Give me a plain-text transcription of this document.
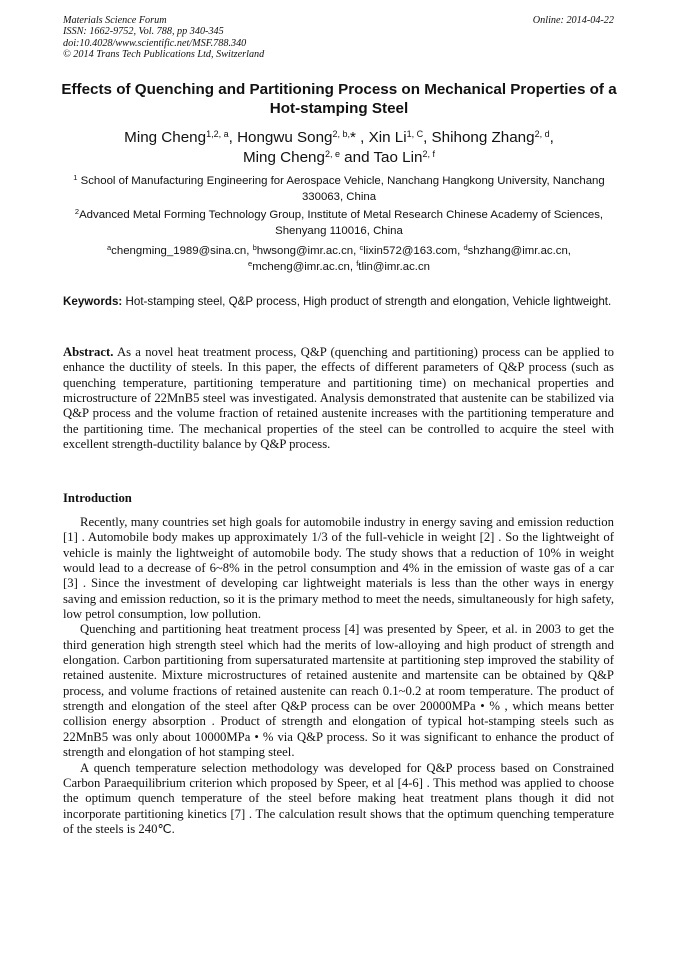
Materials Science Forum
ISSN: 1662-9752, Vol. 788, pp 340-345
doi:10.4028/www.scientific.net/MSF.788.340
© 2014 Trans Tech Publications Ltd, Switzerland
Online: 2014-04-22
Effects of Quenching and Partitioning Process on Mechanical Properties of a Hot-stamping Steel
Ming Cheng$^{1,2, a}$, Hongwu Song$^{2, b,}$* , Xin $Li^{1, C}$, Shihong Zhang$^{2, d}$,
Ming Cheng$^{2, e}$ and Tao Lin$^{2, f}$
$^1$ School of Manufacturing Engineering for Aerospace Vehicle, Nanchang Hangkong University, Nanchang 330063, China
$^2$Advanced Metal Forming Technology Group, Institute of Metal Research Chinese Academy of Sciences, Shenyang 110016, China
$^a$chengming_1989@sina.cn, $^b$hwsong@imr.ac.cn, $^c$lixin572@163.com, $^d$shzhang@imr.ac.cn,
$^e$mcheng@imr.ac.cn, $^f$tlin@imr.ac.cn
Keywords: Hot-stamping steel, Q&P process, High product of strength and elongation, Vehicle lightweight.
Abstract. As a novel heat treatment process, Q&P (quenching and partitioning) process can be applied to enhance the ductility of steels. In this paper, the effects of different parameters of Q&P process (such as quenching temperature, partitioning temperature and partitioning time) on mechanical properties and microstructure of 22MnB5 steel was investigated. Analysis demonstrated that austenite can be stabilized via Q&P process and the volume fraction of retained austenite increases with the partitioning temperature and the partitioning time. The mechanical properties of the steel can be controlled to acquire the steel with excellent strength-ductility balance by Q&P process.
Introduction

Recently, many countries set high goals for automobile industry in energy saving and emission reduction [1] . Automobile body makes up approximately 1/3 of the full-vehicle in weight [2] . So the lightweight of vehicle is mainly the lightweight of automobile body. The study shows that a reduction of 10% in weight would lead to a decrease of 6~8% in the petrol consumption and 4% in the emission of waste gas of a car [3] . Since the investment of developing car lightweight materials is less than the other ways in energy saving and emission reduction, so it is the primary method to meet the needs, simultaneously for high safety, low petrol consumption, low pollution.

Quenching and partitioning heat treatment process [4] was presented by Speer, et al. in 2003 to get the third generation high strength steel which had the merits of low-alloying and high product of strength and elongation. Carbon partitioning from supersaturated martensite at partitioning step improved the stability of retained austenite. Mixture microstructures of retained austenite and martensite can be obtained by Q&P process, and volume fractions of retained austenite can reach 0.1~0.2 at room temperature. The product of strength and elongation of the steel after Q&P process can be over 20000MPa • % , which means better collision energy absorption . Product of strength and elongation of typical hot-stamping steels such as 22MnB5 was only about 10000MPa • % via Q&P process. So it was significant to enhance the product of strength and elongation of hot stamping steel.

A quench temperature selection methodology was developed for Q&P process based on Constrained Carbon Paraequilibrium criterion which proposed by Speer, et al [4-6] . This method was applied to choose the optimum quench temperature of the steel before making heat treatment plans though it did not incorporate partitioning kinetics [7] . The calculation result shows that the optimum quenching temperature of the steels is 240℃.
